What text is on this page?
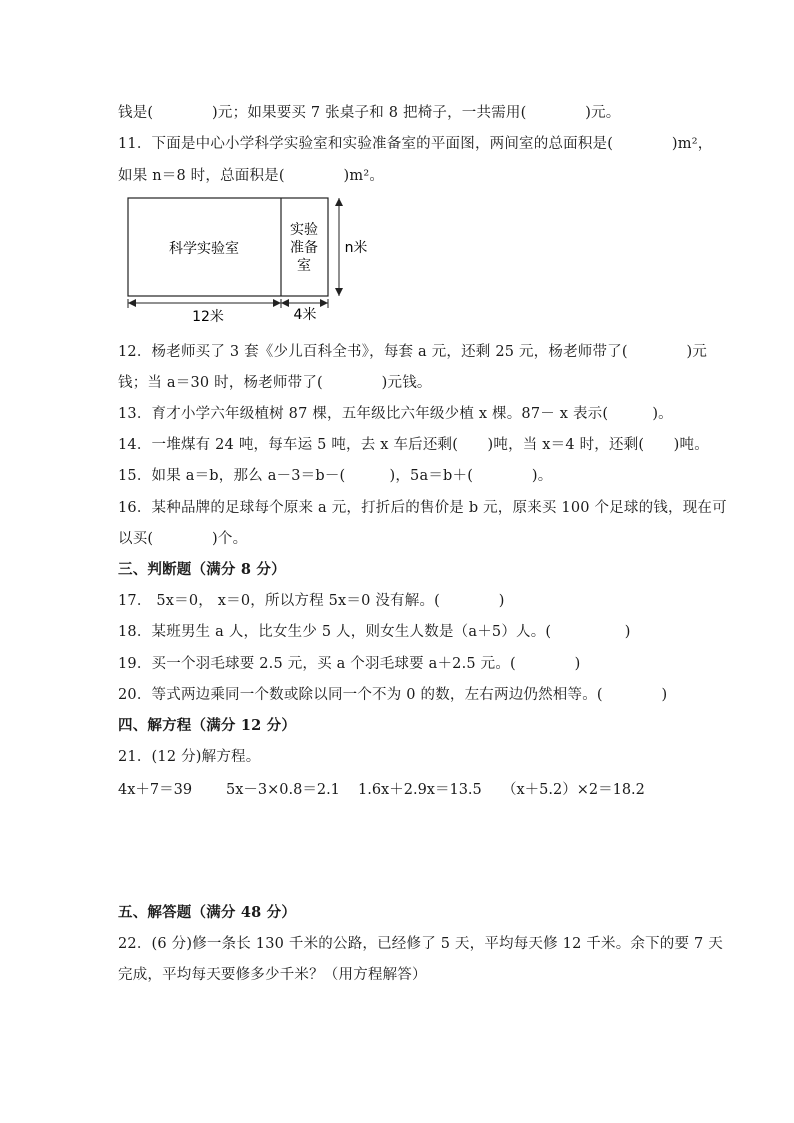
钱是(　　　　)元；如果要买 7 张桌子和 8 把椅子，一共需用(　　　　)元。
11．下面是中心小学科学实验室和实验准备室的平面图，两间室的总面积是(　　　　)m²，
如果 n＝8 时，总面积是(　　　　)m²。
科学实验室
实验
准备
室
n米
12米	4米
12．杨老师买了 3 套《少儿百科全书》，每套 a 元，还剩 25 元，杨老师带了(　　　　)元
钱；当 a＝30 时，杨老师带了(　　　　)元钱。
13．育才小学六年级植树 87 棵，五年级比六年级少植 x 棵。87－ x 表示(　　　)。
14．一堆煤有 24 吨，每车运 5 吨，去 x 车后还剩(　　)吨，当 x＝4 时，还剩(　　)吨。
15．如果 a＝b，那么 a－3＝b－(　　　)，5a＝b＋(　　　　)。
16．某种品牌的足球每个原来 a 元，打折后的售价是 b 元，原来买 100 个足球的钱，现在可
以买(　　　　)个。
三、判断题（满分 8 分）
17． 5x＝0， x＝0，所以方程 5x＝0 没有解。(　　　　)
18．某班男生 a 人，比女生少 5 人，则女生人数是（a＋5）人。(　　　　　)
19．买一个羽毛球要 2.5 元，买 a 个羽毛球要 a＋2.5 元。(　　　　)
20．等式两边乘同一个数或除以同一个不为 0 的数，左右两边仍然相等。(　　　　)
四、解方程（满分 12 分）
21．(12 分)解方程。
4x＋7＝39 5x－3×0.8＝2.1 1.6x＋2.9x＝13.5 （x＋5.2）×2＝18.2
五、解答题（满分 48 分）
22．(6 分)修一条长 130 千米的公路，已经修了 5 天，平均每天修 12 千米。余下的要 7 天
完成，平均每天要修多少千米？（用方程解答）
